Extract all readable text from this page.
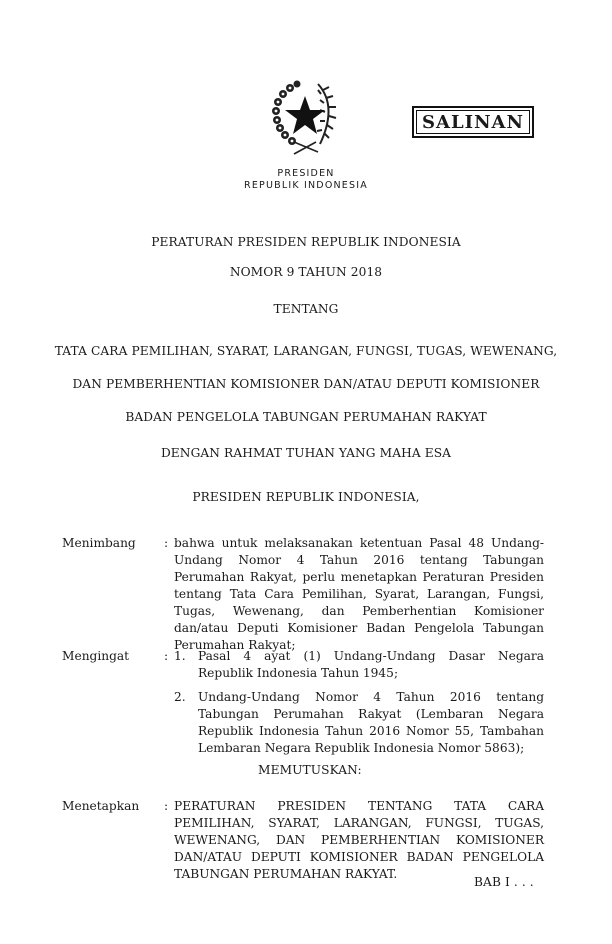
PRESIDEN
REPUBLIK INDONESIA
SALINAN
PERATURAN PRESIDEN REPUBLIK INDONESIA
NOMOR 9 TAHUN 2018
TENTANG
TATA CARA PEMILIHAN, SYARAT, LARANGAN, FUNGSI, TUGAS, WEWENANG,
DAN PEMBERHENTIAN KOMISIONER DAN/ATAU DEPUTI KOMISIONER
BADAN PENGELOLA TABUNGAN PERUMAHAN RAKYAT
DENGAN RAHMAT TUHAN YANG MAHA ESA
PRESIDEN REPUBLIK INDONESIA,
Menimbang : bahwa untuk melaksanakan ketentuan Pasal 48 Undang-Undang Nomor 4 Tahun 2016 tentang Tabungan Perumahan Rakyat, perlu menetapkan Peraturan Presiden tentang Tata Cara Pemilihan, Syarat, Larangan, Fungsi, Tugas, Wewenang, dan Pemberhentian Komisioner dan/atau Deputi Komisioner Badan Pengelola Tabungan Perumahan Rakyat;
Mengingat	: 1. Pasal 4 ayat (1) Undang-Undang Dasar Negara Republik Indonesia Tahun 1945;
2. Undang-Undang Nomor 4 Tahun 2016 tentang Tabungan Perumahan Rakyat (Lembaran Negara Republik Indonesia Tahun 2016 Nomor 55, Tambahan Lembaran Negara Republik Indonesia Nomor 5863);
MEMUTUSKAN:
Menetapkan : PERATURAN PRESIDEN TENTANG TATA CARA PEMILIHAN, SYARAT, LARANGAN, FUNGSI, TUGAS, WEWENANG, DAN PEMBERHENTIAN KOMISIONER DAN/ATAU DEPUTI KOMISIONER BADAN PENGELOLA TABUNGAN PERUMAHAN RAKYAT.
BAB I . . .
